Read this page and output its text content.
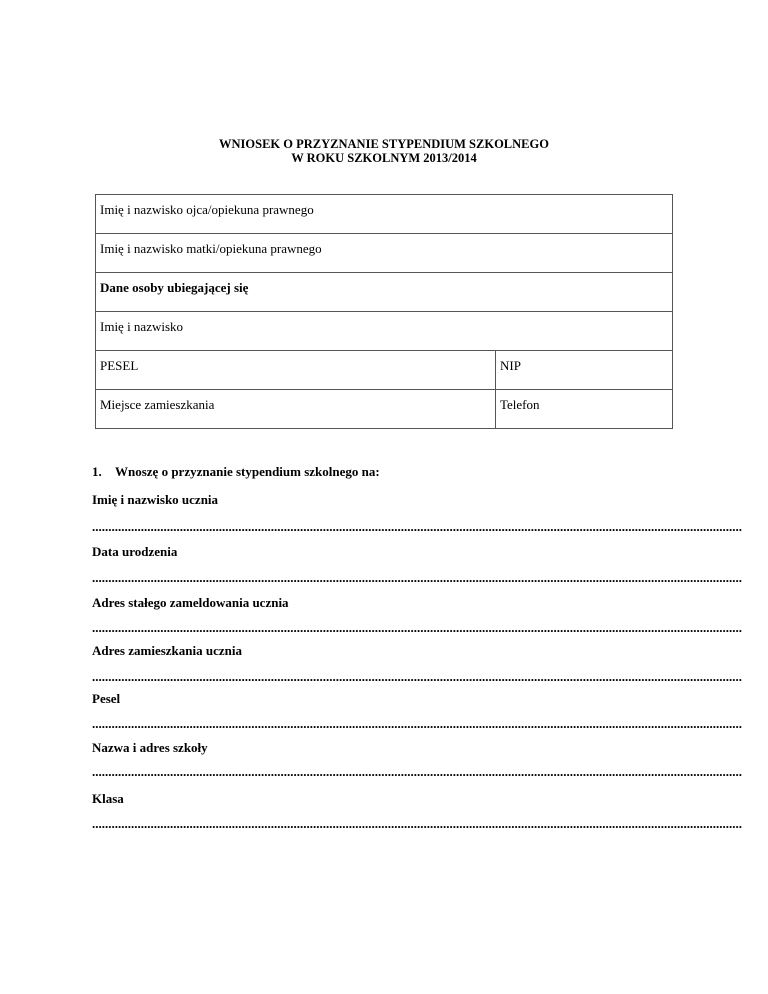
WNIOSEK O PRZYZNANIE STYPENDIUM SZKOLNEGO
W ROKU SZKOLNYM 2013/2014
Imię i nazwisko ojca/opiekuna prawnego	
Imię i nazwisko matki/opiekuna prawnego	
Dane osoby ubiegającej się	
Imię i nazwisko	
PESEL	NIP
Miejsce zamieszkania	Telefon
1. Wnoszę o przyznanie stypendium szkolnego na:
Imię i nazwisko ucznia
........................................................................................................................................................................................................
Data urodzenia
........................................................................................................................................................................................................
Adres stałego zameldowania ucznia
........................................................................................................................................................................................................
Adres zamieszkania ucznia
........................................................................................................................................................................................................
Pesel
........................................................................................................................................................................................................
Nazwa i adres szkoły
........................................................................................................................................................................................................
Klasa
........................................................................................................................................................................................................
